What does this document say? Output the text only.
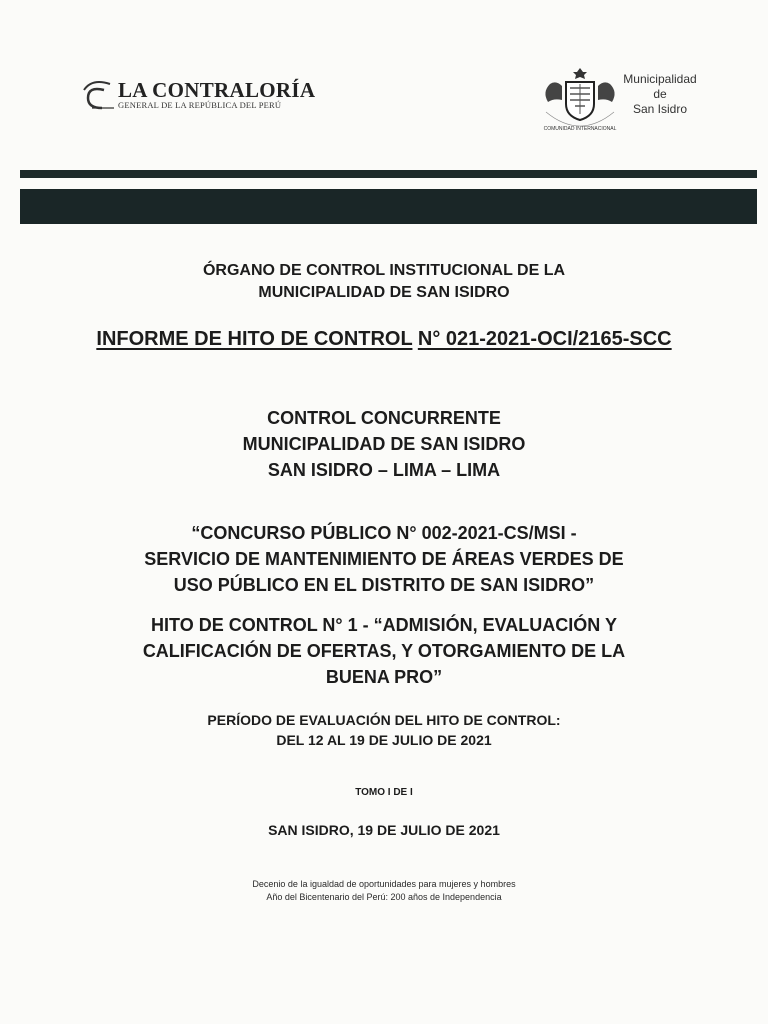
LA CONTRALORÍA
GENERAL DE LA REPÚBLICA DEL PERÚ
COMUNIDAD INTERNACIONAL
Municipalidad
de
San Isidro
ÓRGANO DE CONTROL INSTITUCIONAL DE LA
MUNICIPALIDAD DE SAN ISIDRO
INFORME DE HITO DE CONTROL N° 021-2021-OCI/2165-SCC
CONTROL CONCURRENTE
MUNICIPALIDAD DE SAN ISIDRO
SAN ISIDRO – LIMA – LIMA
“CONCURSO PÚBLICO N° 002-2021-CS/MSI -
SERVICIO DE MANTENIMIENTO DE ÁREAS VERDES DE
USO PÚBLICO EN EL DISTRITO DE SAN ISIDRO”
HITO DE CONTROL N° 1 - “ADMISIÓN, EVALUACIÓN Y
CALIFICACIÓN DE OFERTAS, Y OTORGAMIENTO DE LA
BUENA PRO”
PERÍODO DE EVALUACIÓN DEL HITO DE CONTROL:
DEL 12 AL 19 DE JULIO DE 2021
TOMO I DE I
SAN ISIDRO, 19 DE JULIO DE 2021
Decenio de la igualdad de oportunidades para mujeres y hombres
Año del Bicentenario del Perú: 200 años de Independencia
